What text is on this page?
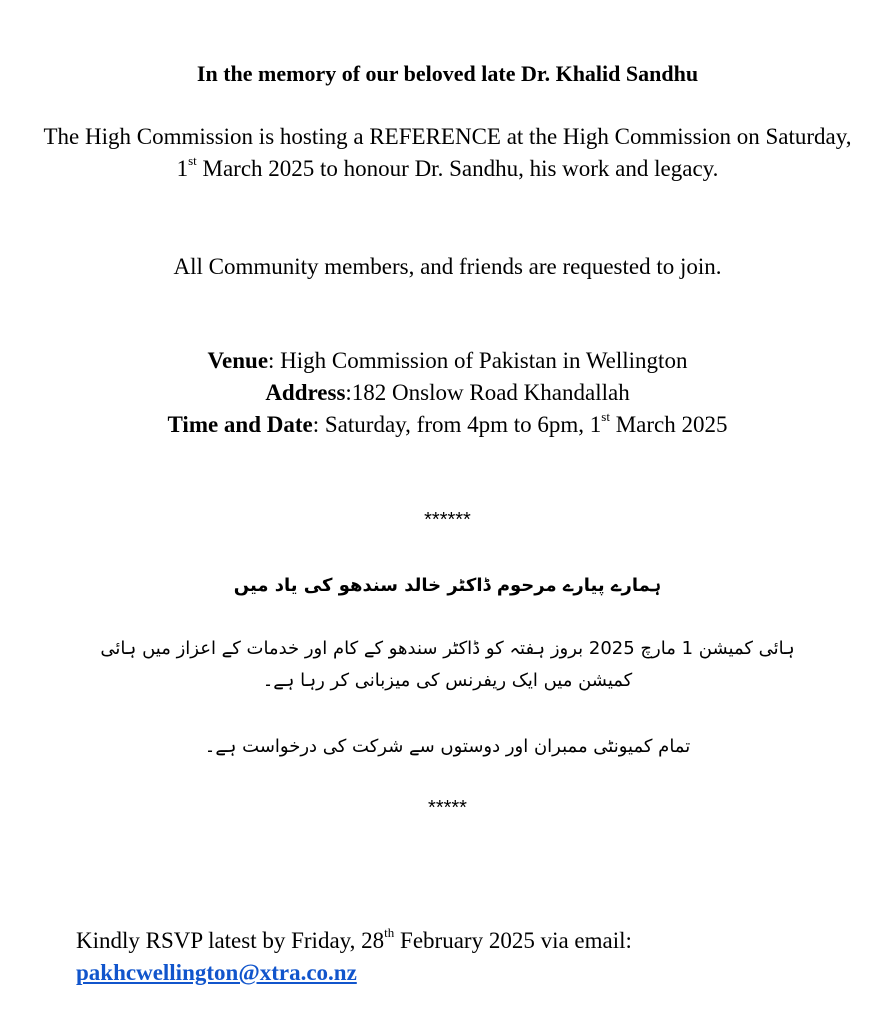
In the memory of our beloved late Dr. Khalid Sandhu
The High Commission is hosting a REFERENCE at the High Commission on Saturday, 1st March 2025 to honour Dr. Sandhu, his work and legacy.
All Community members, and friends are requested to join.
Venue: High Commission of Pakistan in Wellington
Address:182 Onslow Road Khandallah
Time and Date: Saturday, from 4pm to 6pm, 1st March 2025
******
ہمارے پیارے مرحوم ڈاکٹر خالد سندھو کی یاد میں
ہائی کمیشن 1 مارچ 2025 بروز ہفتہ کو ڈاکٹر سندھو کے کام اور خدمات کے اعزاز میں ہائی کمیشن میں ایک ریفرنس کی میزبانی کر رہا ہے۔
تمام کمیونٹی ممبران اور دوستوں سے شرکت کی درخواست ہے۔
*****
Kindly RSVP latest by Friday, 28th February 2025 via email:
pakhcwellington@xtra.co.nz
